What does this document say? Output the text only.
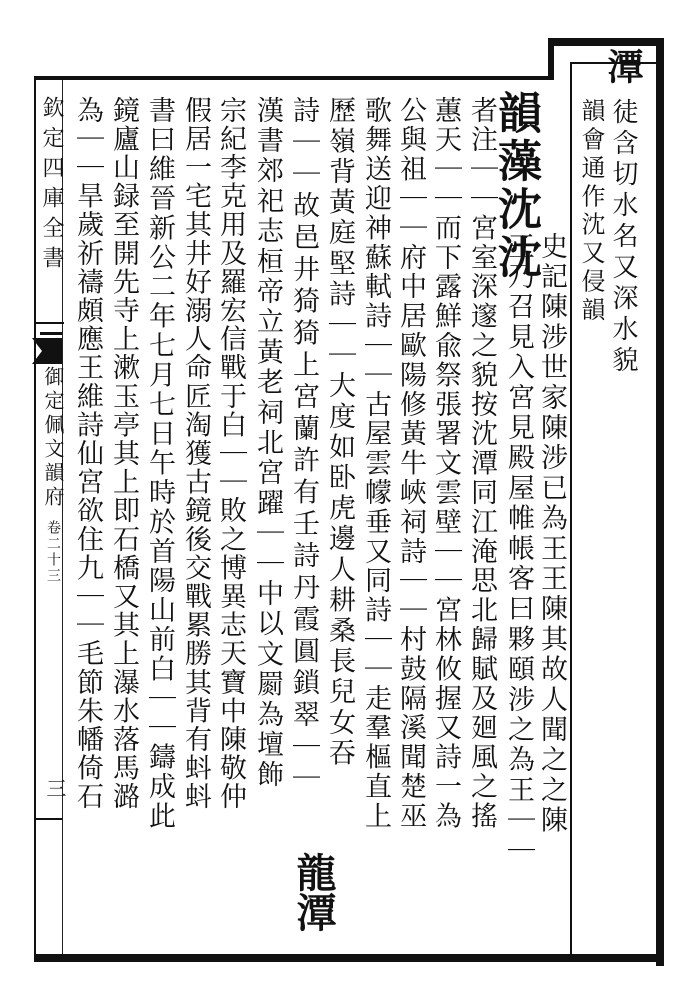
潭
徒含切水名又深水貌
韻會通作沈又侵韻
韻藻沈沈
史記陳涉世家陳涉已為王王陳其故人聞之之陳
王乃召見入宮見殿屋帷帳客曰夥頤涉之為王｜｜
者注｜｜宮室深邃之貌按沈潭同江淹思北歸賦及廻風之搖
蕙天｜｜而下露鮮兪祭張署文雲壁｜｜宮林攸握又詩一為
公與祖｜｜府中居歐陽修黃牛峽祠詩｜｜村鼓隔溪聞楚巫
歌舞送迎神蘇軾詩｜｜古屋雲幪垂又同詩｜｜走羣樞直上
歷嶺背黃庭堅詩｜｜大度如卧虎邊人耕桑長兒女吞
詩｜｜故邑井猗猗上宮蘭許有壬詩丹霞圓鎖翠｜｜
漢書郊祀志桓帝立黃老祠北宮躍｜｜中以文罽為壇飾
宗紀李克用及羅宏信戰于白｜｜敗之博異志天寶中陳敬仲
假居一宅其井好溺人命匠淘獲古鏡後交戰累勝其背有蚪蚪
書曰維晉新公二年七月七日午時於首陽山前白｜｜鑄成此
鏡廬山録至開先寺上漱玉亭其上即石橋又其上瀑水落馬潞
為｜｜旱歲祈禱頗應王維詩仙宮欲住九｜｜毛節朱幡倚石
龍潭
欽定四庫全書
御定佩文韻府
卷二十三
三
